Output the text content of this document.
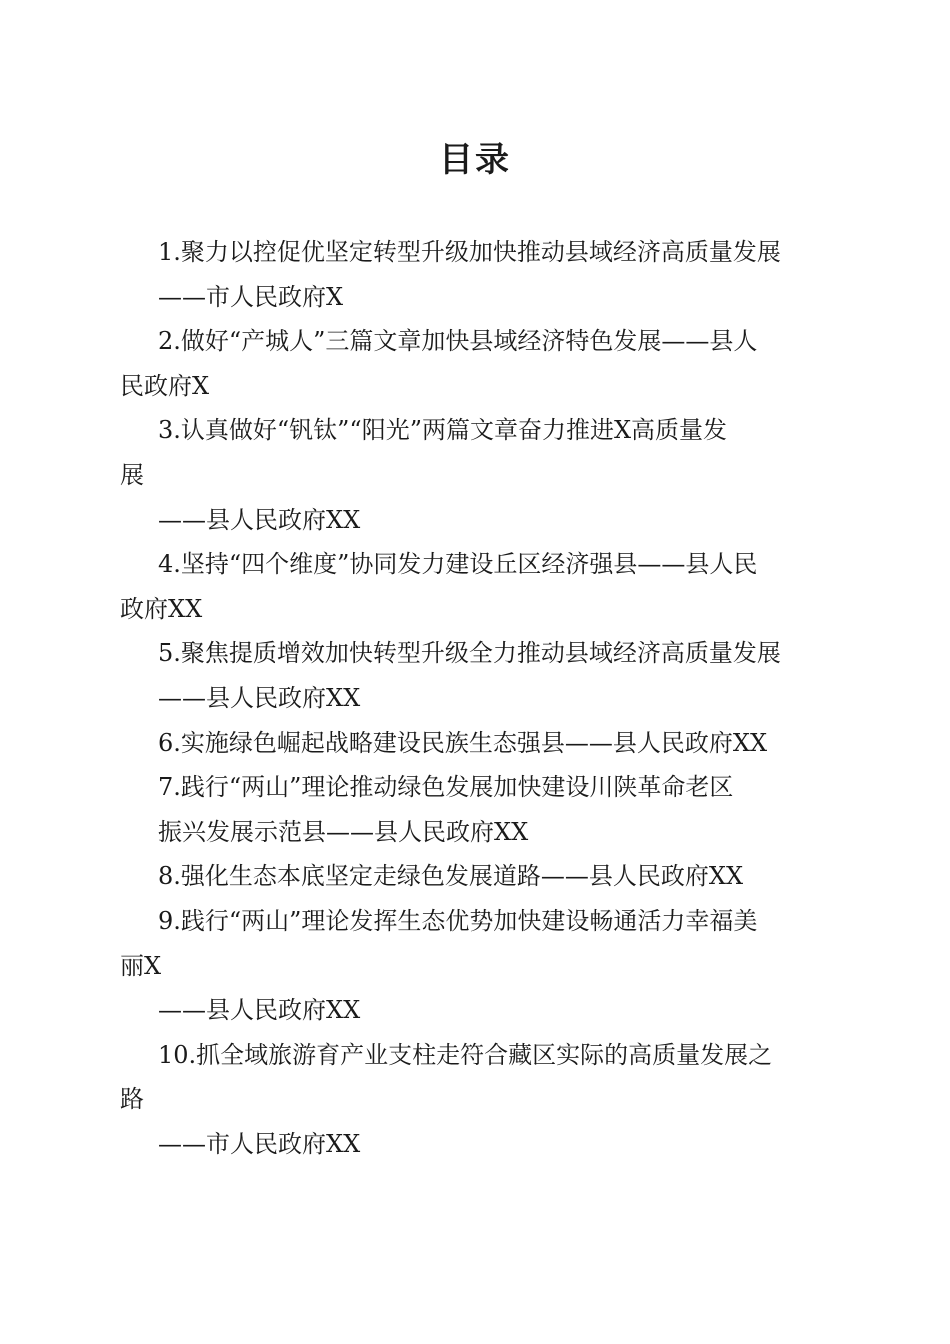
目录

1.聚力以控促优坚定转型升级加快推动县域经济高质量发展

——市人民政府X

2.做好“产城人”三篇文章加快县域经济特色发展——县人

民政府X

3.认真做好“钒钛”“阳光”两篇文章奋力推进X高质量发

展

——县人民政府XX

4.坚持“四个维度”协同发力建设丘区经济强县——县人民

政府XX

5.聚焦提质增效加快转型升级全力推动县域经济高质量发展

——县人民政府XX

6.实施绿色崛起战略建设民族生态强县——县人民政府XX

7.践行“两山”理论推动绿色发展加快建设川陕革命老区

振兴发展示范县——县人民政府XX

8.强化生态本底坚定走绿色发展道路——县人民政府XX

9.践行“两山”理论发挥生态优势加快建设畅通活力幸福美

丽X

——县人民政府XX

10.抓全域旅游育产业支柱走符合藏区实际的高质量发展之

路

——市人民政府XX
